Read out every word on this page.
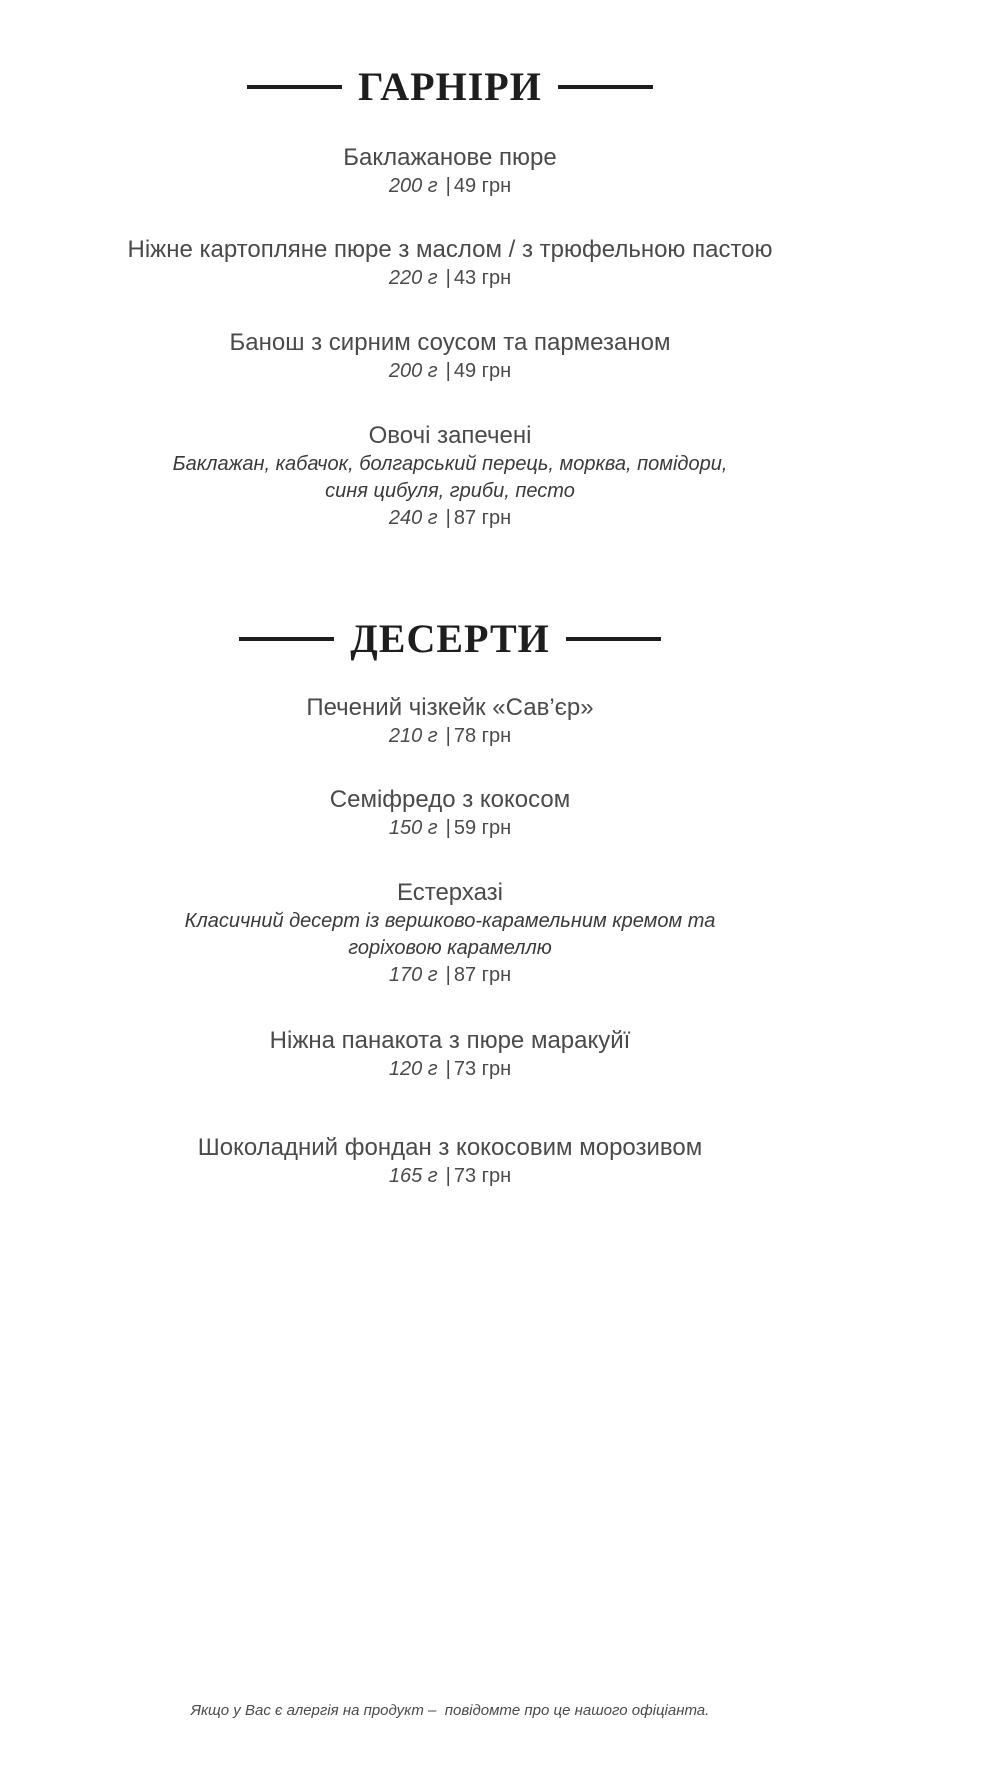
ГАРНІРИ
Баклажанове пюре
200 г | 49 грн
Ніжне картопляне пюре з маслом / з трюфельною пастою
220 г | 43 грн
Банош з сирним соусом та пармезаном
200 г | 49 грн
Овочі запечені
Баклажан, кабачок, болгарський перець, морква, помідори, синя цибуля, гриби, песто
240 г | 87 грн
ДЕСЕРТИ
Печений чізкейк «Сав’єр»
210 г | 78 грн
Семіфредо з кокосом
150 г | 59 грн
Естерхазі
Класичний десерт із вершково-карамельним кремом та горіховою карамеллю
170 г | 87 грн
Ніжна панакота з пюре маракуйї
120 г | 73 грн
Шоколадний фондан з кокосовим морозивом
165 г | 73 грн
Якщо у Вас є алергія на продукт –  повідомте про це нашого офіціанта.
